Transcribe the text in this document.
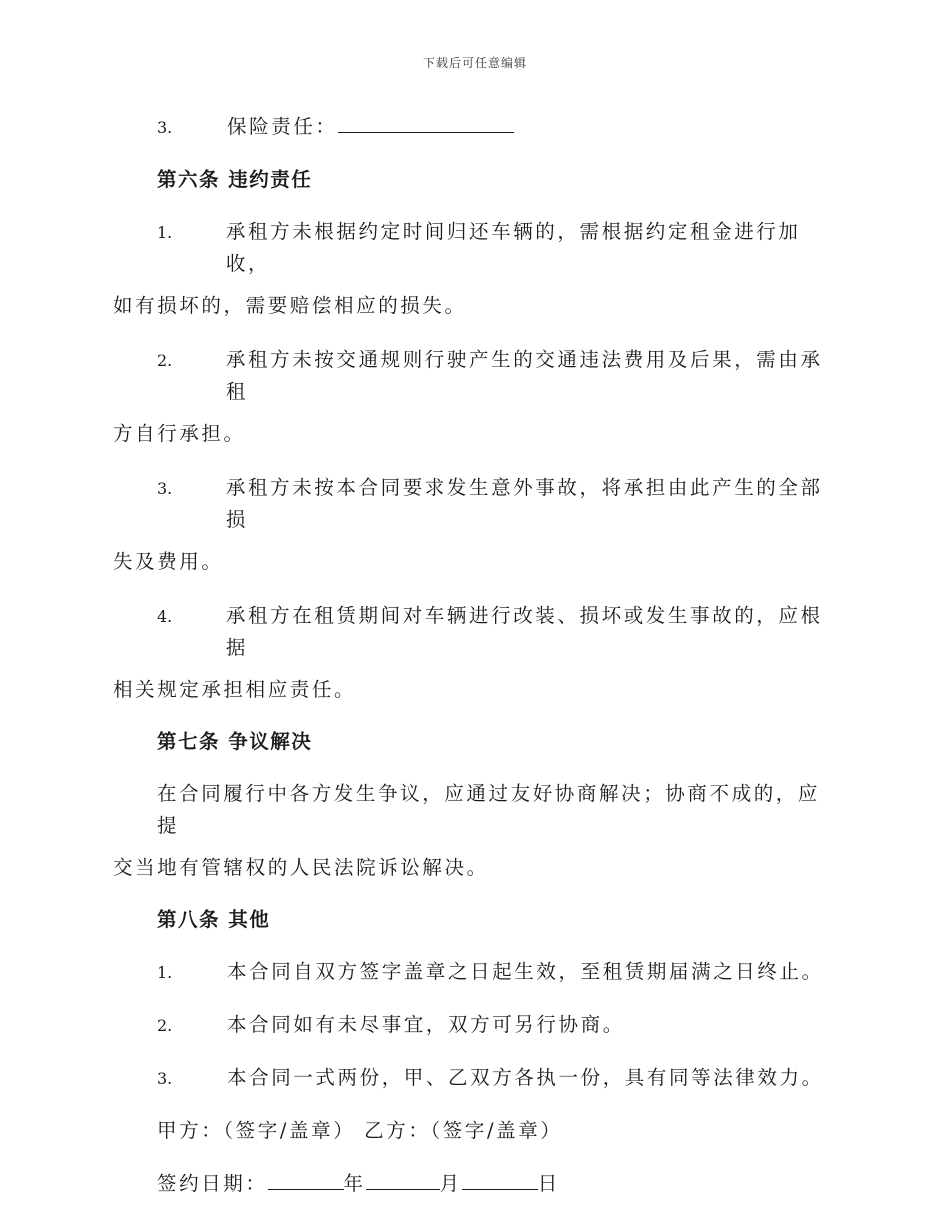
下载后可任意编辑
3.	保险责任：
第六条 违约责任
1.	承租方未根据约定时间归还车辆的，需根据约定租金进行加收，
如有损坏的，需要赔偿相应的损失。
2.	承租方未按交通规则行驶产生的交通违法费用及后果，需由承租
方自行承担。
3.	承租方未按本合同要求发生意外事故，将承担由此产生的全部损
失及费用。
4.	承租方在租赁期间对车辆进行改装、损坏或发生事故的，应根据
相关规定承担相应责任。
第七条 争议解决
在合同履行中各方发生争议，应通过友好协商解决；协商不成的，应提
交当地有管辖权的人民法院诉讼解决。
第八条 其他
1.	本合同自双方签字盖章之日起生效，至租赁期届满之日终止。
2.	本合同如有未尽事宜，双方可另行协商。
3.	本合同一式两份，甲、乙双方各执一份，具有同等法律效力。
甲方：（签字/盖章） 乙方：（签字/盖章）
签约日期：	年	月	日
